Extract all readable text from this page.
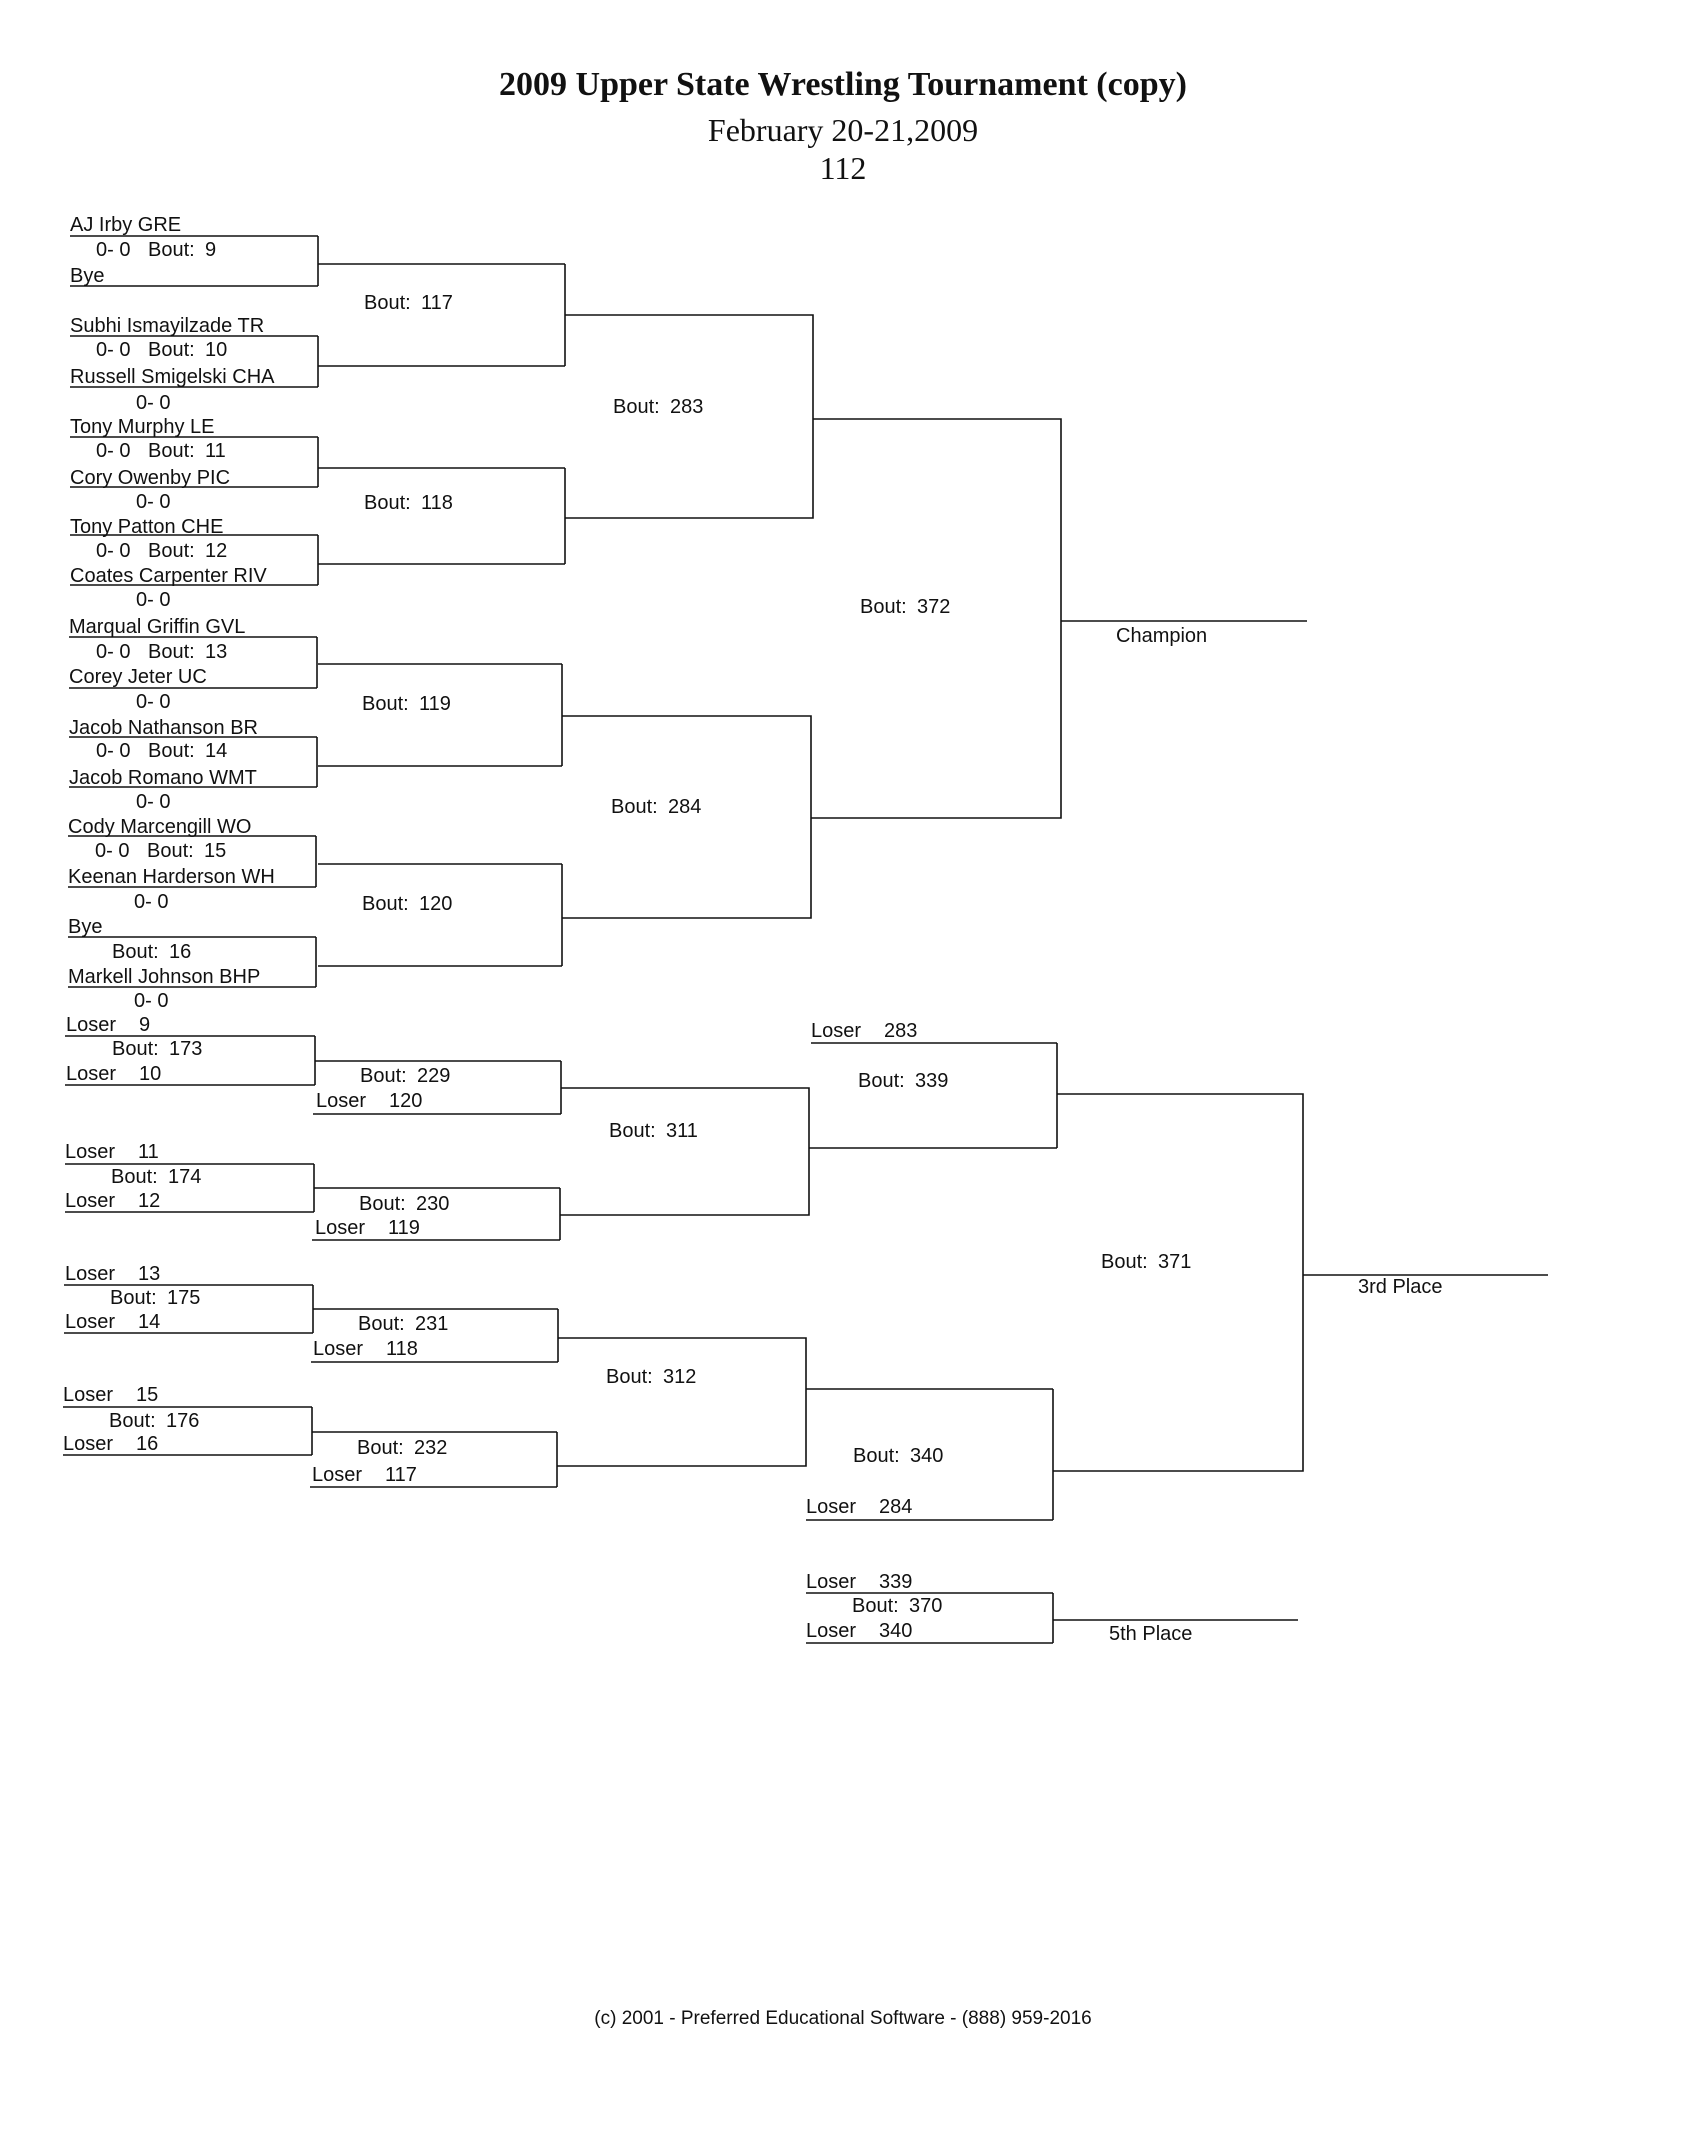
2009 Upper State Wrestling Tournament (copy)
February 20-21,2009
112
AJ Irby GRE
Subhi Ismayilzade TR
Russell Smigelski CHA
Tony Murphy LE
Cory Owenby PIC
Tony Patton CHE
Coates Carpenter RIV
Marqual Griffin GVL
Corey Jeter UC
Jacob Nathanson BR
Jacob Romano WMT
Cody Marcengill WO
Keenan Harderson WH
Markell Johnson BHP
Bye
Bye
0- 0
0- 0
0- 0
0- 0
0- 0
0- 0
0- 0
0- 0
0- 0
0- 0
0- 0
0- 0
0- 0
0- 0
Bout: 9
Bout: 10
Bout: 11
Bout: 12
Bout: 13
Bout: 14
Bout: 15
Bout: 16
Bout: 117
Bout: 118
Bout: 119
Bout: 120
Bout: 283
Bout: 284
Bout: 372
Champion
Loser 9
Loser 10
Loser 11
Loser 12
Loser 13
Loser 14
Loser 15
Loser 16
Bout: 173
Bout: 174
Bout: 175
Bout: 176
Bout: 229
Bout: 230
Bout: 231
Bout: 232
Loser 120
Loser 119
Loser 118
Loser 117
Bout: 311
Bout: 312
Loser 283
Bout: 339
Bout: 340
Loser 284
Bout: 371
3rd Place
Loser 339
Bout: 370
Loser 340	5th Place
(c) 2001 - Preferred Educational Software - (888) 959-2016
